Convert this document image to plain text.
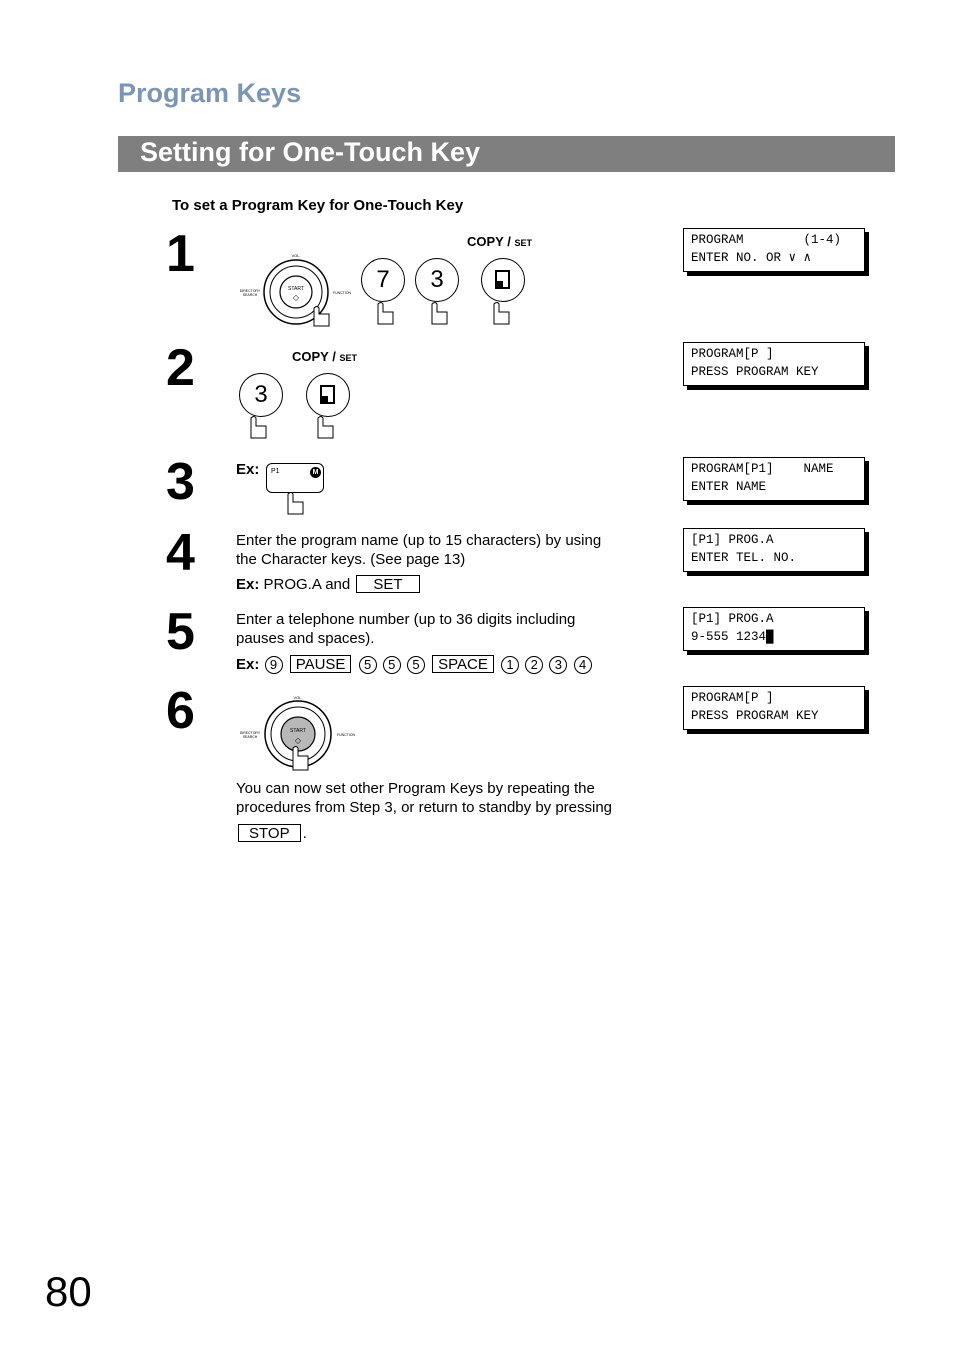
Program Keys
Setting for One-Touch Key
To set a Program Key for One-Touch Key
1
START
◇
VOL.
DIRECTORY
SEARCH	FUNCTION
COPY / SET
7	3
PROGRAM        (1-4)
ENTER NO. OR ∨ ∧
2	COPY / SET
3
PROGRAM[P ]
PRESS PROGRAM KEY
3	Ex: P1	M	PROGRAM[P1]    NAME
ENTER NAME
4	Enter the program name (up to 15 characters) by using
the Character keys. (See page 13)
Ex: PROG.A and SET
[P1] PROG.A
ENTER TEL. NO.
5	Enter a telephone number (up to 36 digits including
pauses and spaces).
Ex: 9 PAUSE 5 5 5 SPACE 1 2 3 4
[P1] PROG.A
9-555 1234█
6	START
◇
VOL.
DIRECTORY
SEARCH	FUNCTION
PROGRAM[P ]
PRESS PROGRAM KEY
You can now set other Program Keys by repeating the
procedures from Step 3, or return to standby by pressing
STOP .
80
